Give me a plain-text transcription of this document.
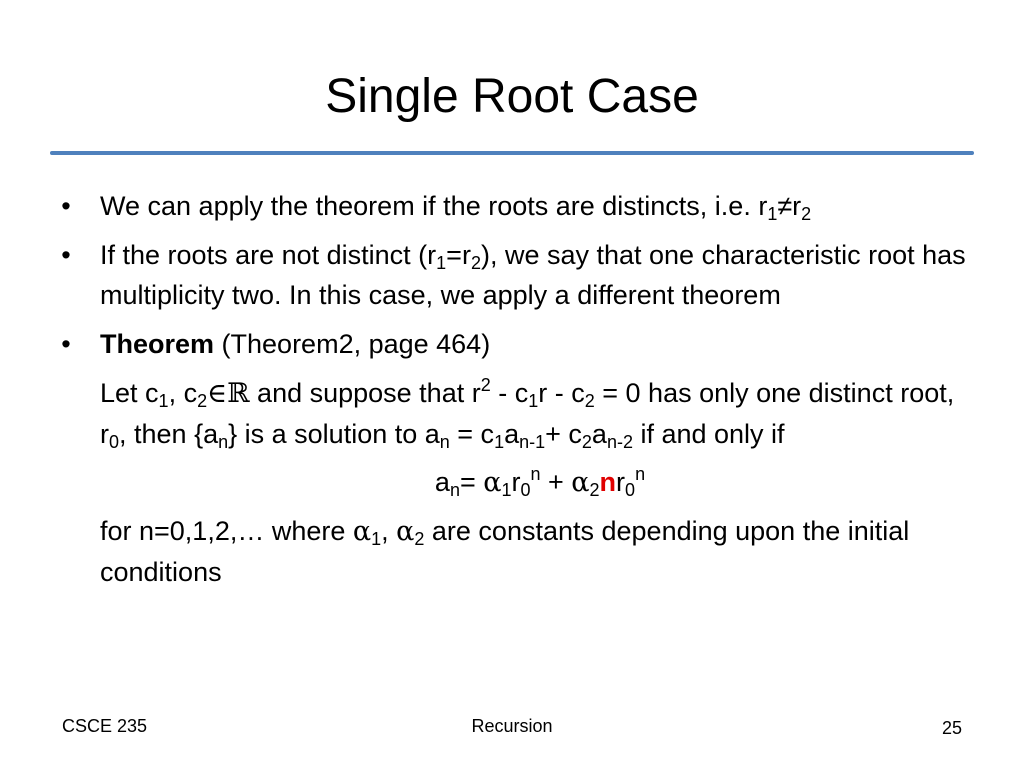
Single Root Case

• We can apply the theorem if the roots are distincts, i.e. $r_1\ne r_2$

• If the roots are not distinct $(r_1=r_2)$, we say that one characteristic root has multiplicity two. In this case, we apply a different theorem

• Theorem (Theorem2, page 464)

Let $c_1$, $c_2\in ℝ$ and suppose that $r^2 - c_1r - c_2 = 0$ has only one distinct root, $r_0$, then $\{a_n\}$ is a solution to $a_n = c_1a_{n-1}+ c_2a_{n-2}$ if and only if

$a_n= \alpha_1r_0^n + \alpha_2nr_0^n$

for n=0,1,2,… where $\alpha_1$, $\alpha_2$ are constants depending upon the initial conditions

CSCE 235	Recursion	25
